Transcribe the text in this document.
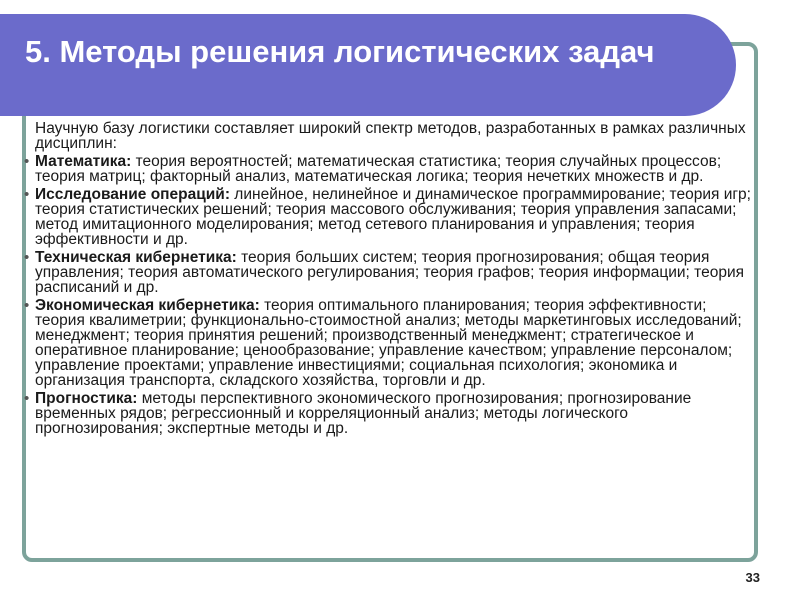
5. Методы решения логистических задач

Научную базу логистики составляет широкий спектр методов, разработанных в рамках различных дисциплин:

• Математика: теория вероятностей; математическая статистика; теория случайных процессов; теория матриц; факторный анализ, математическая логика; теория нечетких множеств и др.
• Исследование операций: линейное, нелинейное и динамическое программирование; теория игр; теория статистических решений; теория массового обслуживания; теория управления запасами; метод имитационного моделирования; метод сетевого планирования и управления; теория эффективности и др.
• Техническая кибернетика: теория больших систем; теория прогнозирования; общая теория управления; теория автоматического регулирования; теория графов; теория информации; теория расписаний и др.
• Экономическая кибернетика: теория оптимального планирования; теория эффективности; теория квалиметрии; функционально-стоимостной анализ; методы маркетинговых исследований; менеджмент; теория принятия решений; производственный менеджмент; стратегическое и оперативное планирование; ценообразование; управление качеством; управление персоналом; управление проектами; управление инвестициями; социальная психология; экономика и организация транспорта, складского хозяйства, торговли и др.
• Прогностика: методы перспективного экономического прогнозирования; прогнозирование временных рядов; регрессионный и корреляционный анализ; методы логического прогнозирования; экспертные методы и др.
33
